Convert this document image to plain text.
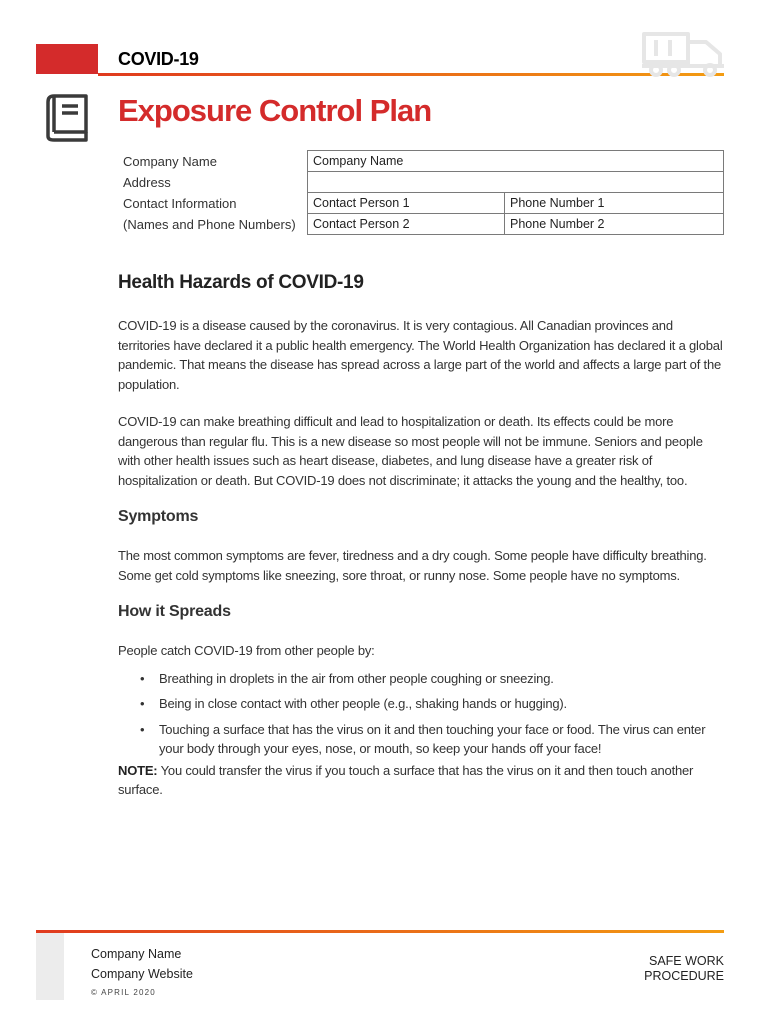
COVID-19
Exposure Control Plan
Company Name	Company Name	
Address		
Contact Information	Contact Person 1	Phone Number 1
(Names and Phone Numbers)	Contact Person 2	Phone Number 2
Health Hazards of COVID-19

COVID-19 is a disease caused by the coronavirus. It is very contagious. All Canadian provinces and territories have declared it a public health emergency. The World Health Organization has declared it a global pandemic. That means the disease has spread across a large part of the world and affects a large part of the population.

COVID-19 can make breathing difficult and lead to hospitalization or death. Its effects could be more dangerous than regular flu. This is a new disease so most people will not be immune. Seniors and people with other health issues such as heart disease, diabetes, and lung disease have a greater risk of hospitalization or death. But COVID-19 does not discriminate; it attacks the young and the healthy, too.

Symptoms

The most common symptoms are fever, tiredness and a dry cough. Some people have difficulty breathing. Some get cold symptoms like sneezing, sore throat, or runny nose. Some people have no symptoms.

How it Spreads

People catch COVID-19 from other people by:

• Breathing in droplets in the air from other people coughing or sneezing.
• Being in close contact with other people (e.g., shaking hands or hugging).
• Touching a surface that has the virus on it and then touching your face or food. The virus can enter your body through your eyes, nose, or mouth, so keep your hands off your face!

NOTE: You could transfer the virus if you touch a surface that has the virus on it and then touch another surface.

Company Name
Company Website
© APRIL 2020
SAFE WORK
PROCEDURE
